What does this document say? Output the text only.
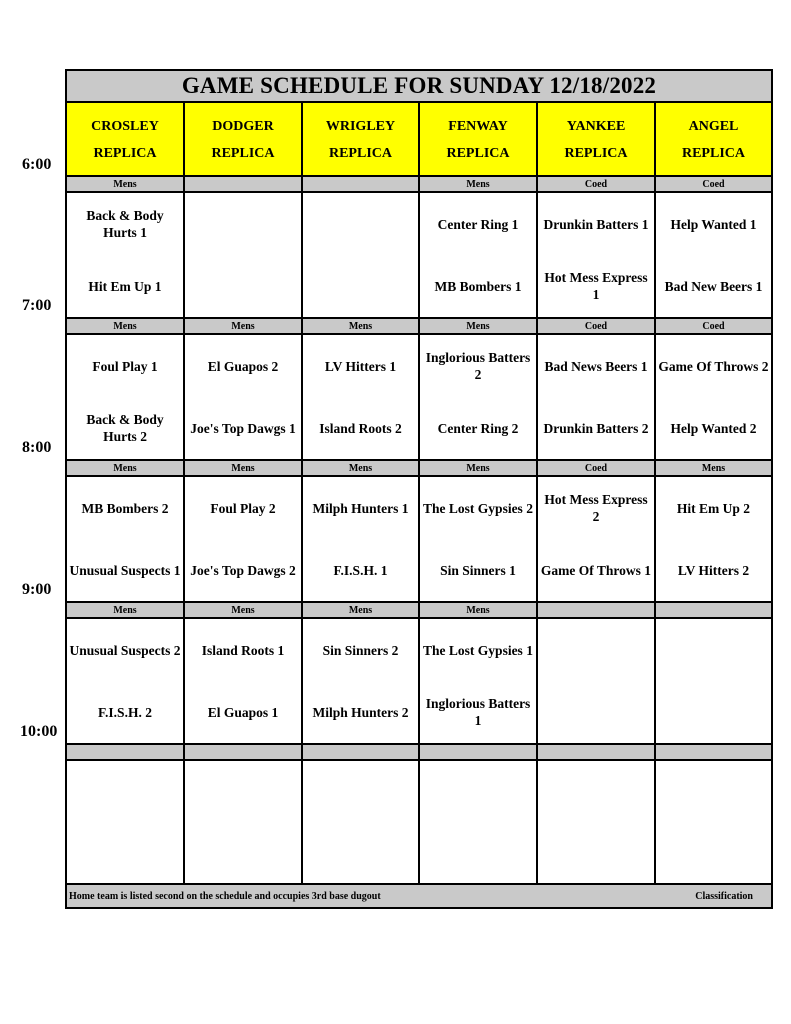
6:00
7:00
8:00
9:00
10:00
GAME SCHEDULE FOR SUNDAY 12/18/2022
CROSLEY
REPLICA
DODGER
REPLICA
WRIGLEY
REPLICA
FENWAY
REPLICA
YANKEE
REPLICA
ANGEL
REPLICA
Mens
Back & Body Hurts 1
Hit Em Up 1
Mens
Center Ring 1
MB Bombers 1
Coed
Drunkin Batters 1
Hot Mess Express 1
Coed
Help Wanted 1
Bad New Beers 1
Mens
Foul Play 1
Back & Body Hurts 2
Mens
El Guapos 2
Joe's Top Dawgs 1
Mens
LV Hitters 1
Island Roots 2
Mens
Inglorious Batters 2
Center Ring 2
Coed
Bad News Beers 1
Drunkin Batters 2
Coed
Game Of Throws 2
Help Wanted 2
Mens
MB Bombers 2
Unusual Suspects 1
Mens
Foul Play 2
Joe's Top Dawgs 2
Mens
Milph Hunters 1
F.I.S.H. 1
Mens
The Lost Gypsies 2
Sin Sinners 1
Coed
Hot Mess Express 2
Game Of Throws 1
Mens
Hit Em Up 2
LV Hitters 2
Mens
Unusual Suspects 2
F.I.S.H. 2
Mens
Island Roots 1
El Guapos 1
Mens
Sin Sinners 2
Milph Hunters 2
Mens
The Lost Gypsies 1
Inglorious Batters 1
Home team is listed second on the schedule and occupies 3rd base dugout	Classification
